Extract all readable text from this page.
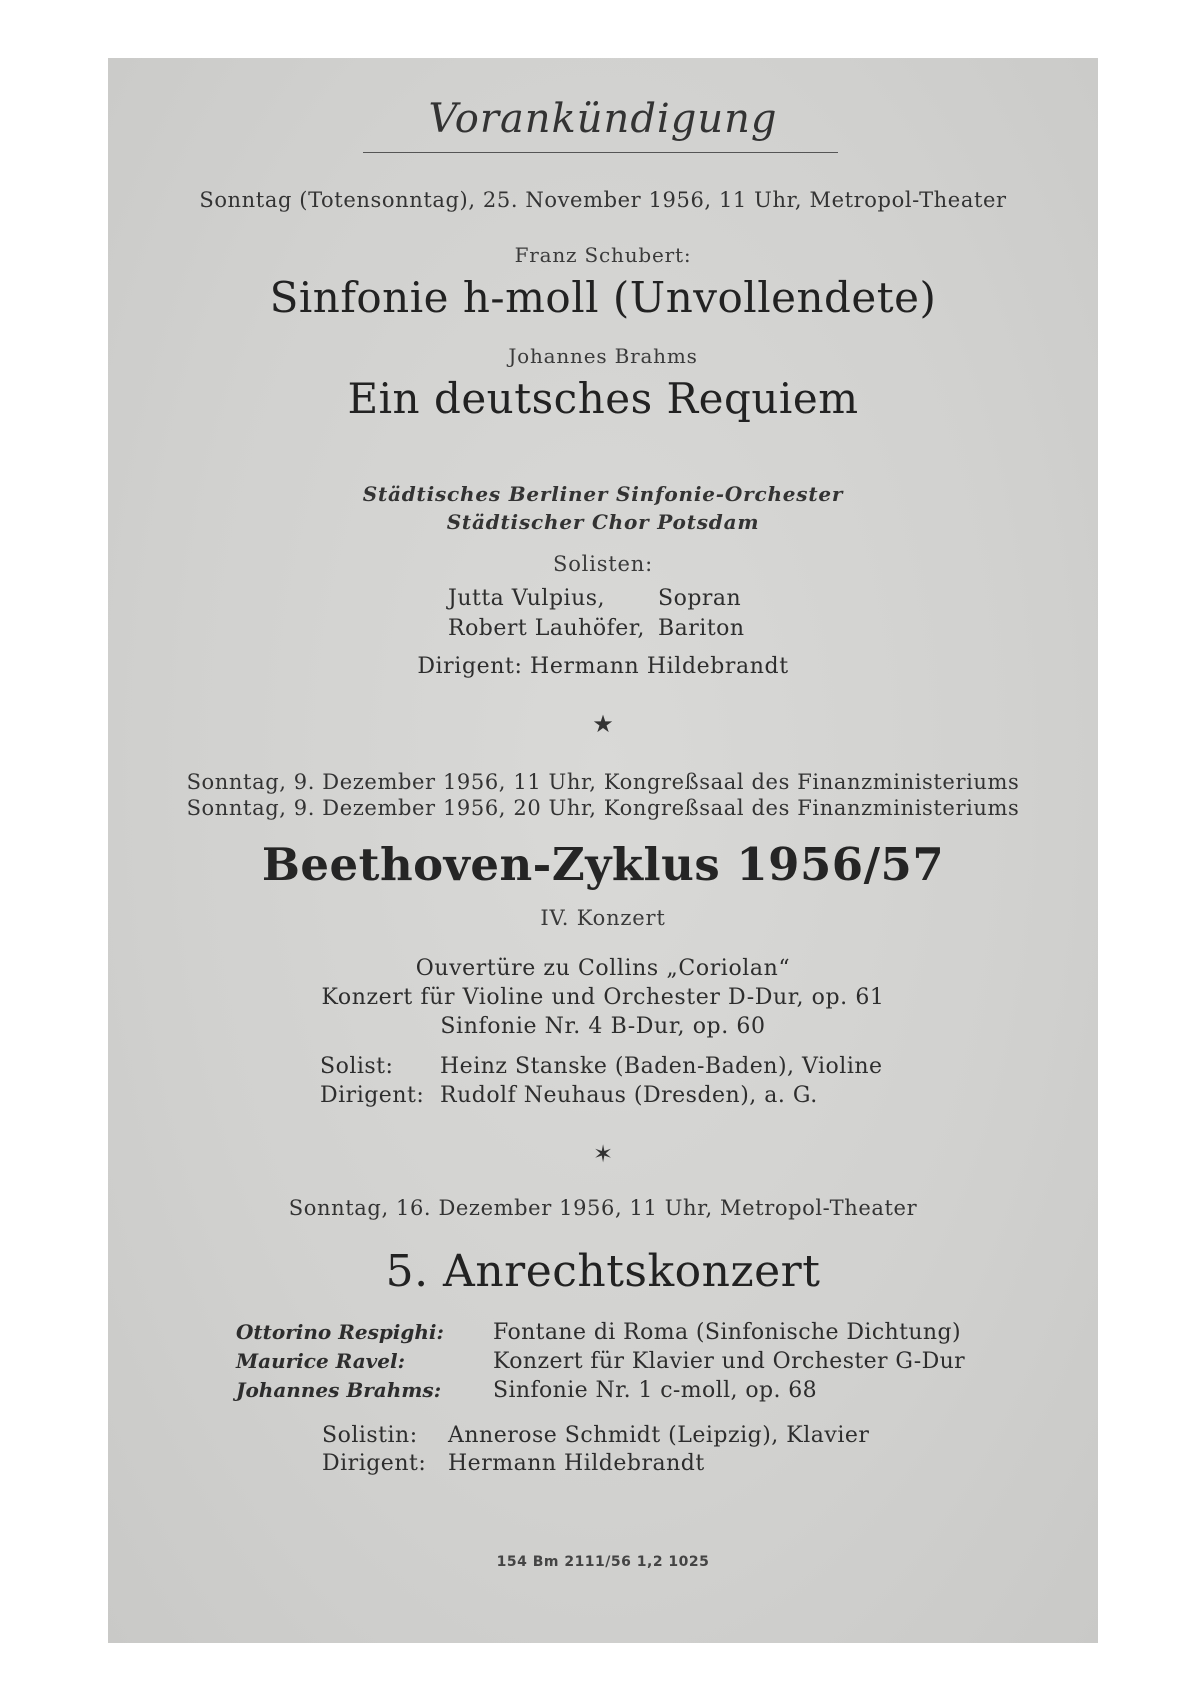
Vorankündigung

Sonntag (Totensonntag), 25. November 1956, 11 Uhr, Metropol-Theater

Franz Schubert:

Sinfonie h-moll (Unvollendete)

Johannes Brahms

Ein deutsches Requiem

Städtisches Berliner Sinfonie-Orchester

Städtischer Chor Potsdam

Solisten:

Jutta Vulpius, Sopran
Robert Lauhöfer, Bariton

Dirigent: Hermann Hildebrandt

★

Sonntag, 9. Dezember 1956, 11 Uhr, Kongreßsaal des Finanzministeriums

Sonntag, 9. Dezember 1956, 20 Uhr, Kongreßsaal des Finanzministeriums

Beethoven-Zyklus 1956/57

IV. Konzert

Ouvertüre zu Collins „Coriolan“

Konzert für Violine und Orchester D-Dur, op. 61

Sinfonie Nr. 4 B-Dur, op. 60

Solist: Heinz Stanske (Baden-Baden), Violine
Dirigent: Rudolf Neuhaus (Dresden), a. G.

✶

Sonntag, 16. Dezember 1956, 11 Uhr, Metropol-Theater

5. Anrechtskonzert

Ottorino Respighi: Fontane di Roma (Sinfonische Dichtung)
Maurice Ravel:	Konzert für Klavier und Orchester G-Dur
Johannes Brahms: Sinfonie Nr. 1 c-moll, op. 68
Solistin: Annerose Schmidt (Leipzig), Klavier
Dirigent: Hermann Hildebrandt

154 Bm 2111/56 1,2 1025
